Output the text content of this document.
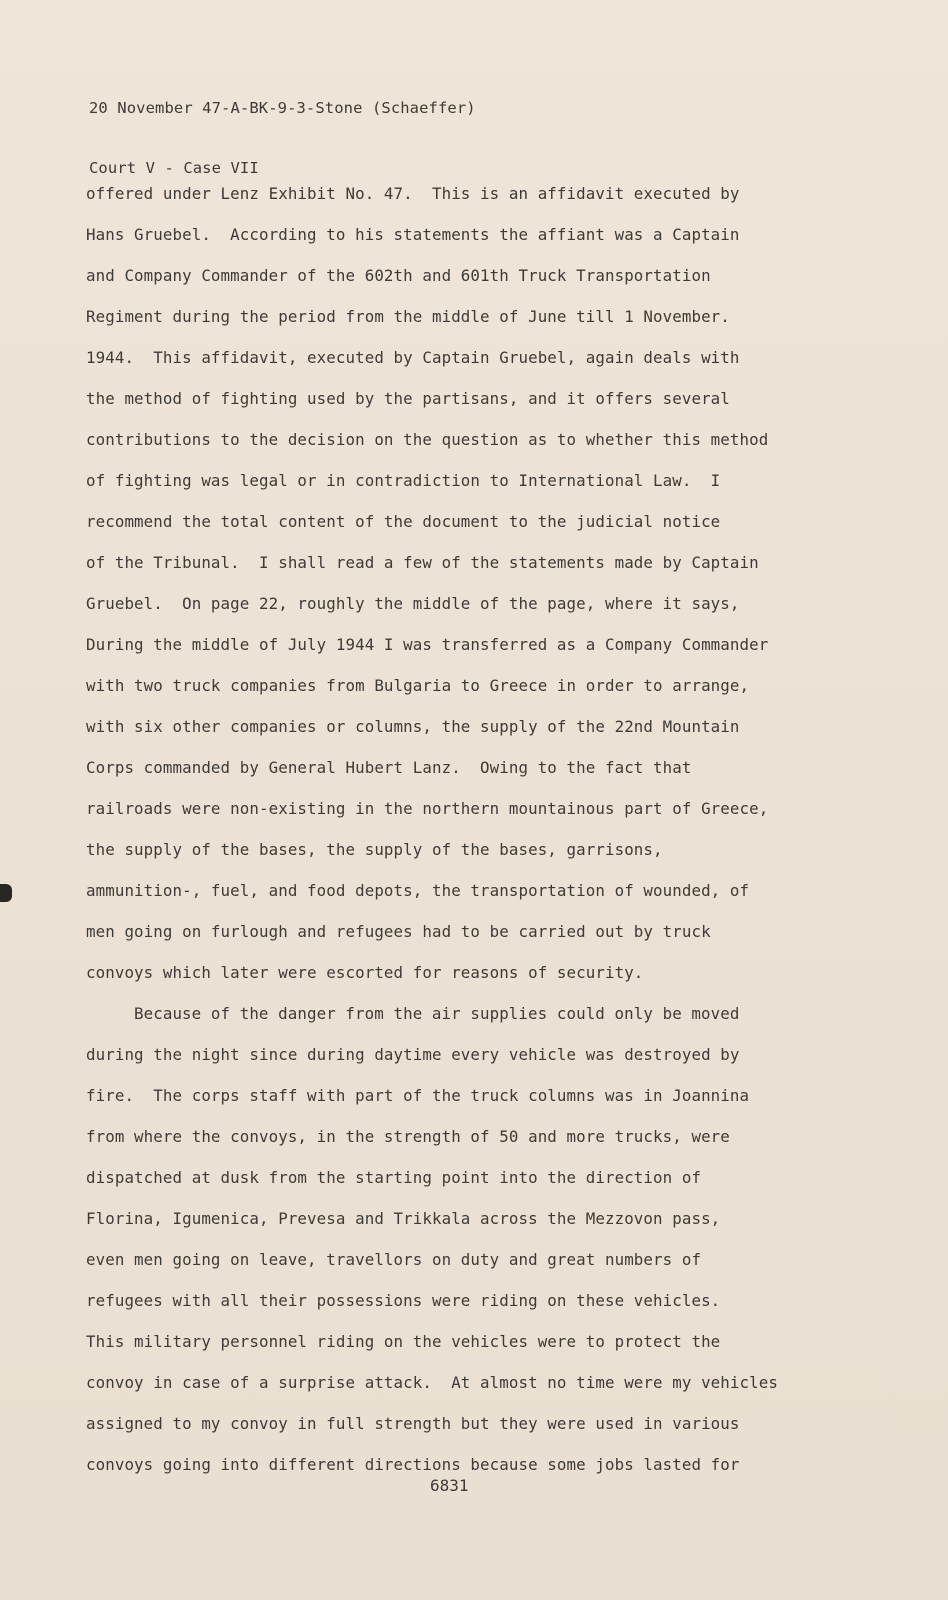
20 November 47-A-BK-9-3-Stone (Schaeffer)

Court V - Case VII

offered under Lenz Exhibit No. 47.  This is an affidavit executed by
Hans Gruebel.  According to his statements the affiant was a Captain
and Company Commander of the 602th and 601th Truck Transportation
Regiment during the period from the middle of June till 1 November.
1944.  This affidavit, executed by Captain Gruebel, again deals with
the method of fighting used by the partisans, and it offers several
contributions to the decision on the question as to whether this method
of fighting was legal or in contradiction to International Law.  I
recommend the total content of the document to the judicial notice
of the Tribunal.  I shall read a few of the statements made by Captain
Gruebel.  On page 22, roughly the middle of the page, where it says,
During the middle of July 1944 I was transferred as a Company Commander
with two truck companies from Bulgaria to Greece in order to arrange,
with six other companies or columns, the supply of the 22nd Mountain
Corps commanded by General Hubert Lanz.  Owing to the fact that
railroads were non-existing in the northern mountainous part of Greece,
the supply of the bases, the supply of the bases, garrisons,
ammunition-, fuel, and food depots, the transportation of wounded, of
men going on furlough and refugees had to be carried out by truck
convoys which later were escorted for reasons of security.
Because of the danger from the air supplies could only be moved
during the night since during daytime every vehicle was destroyed by
fire.  The corps staff with part of the truck columns was in Joannina
from where the convoys, in the strength of 50 and more trucks, were
dispatched at dusk from the starting point into the direction of
Florina, Igumenica, Prevesa and Trikkala across the Mezzovon pass,
even men going on leave, travellors on duty and great numbers of
refugees with all their possessions were riding on these vehicles.
This military personnel riding on the vehicles were to protect the
convoy in case of a surprise attack.  At almost no time were my vehicles
assigned to my convoy in full strength but they were used in various
convoys going into different directions because some jobs lasted for
6831
